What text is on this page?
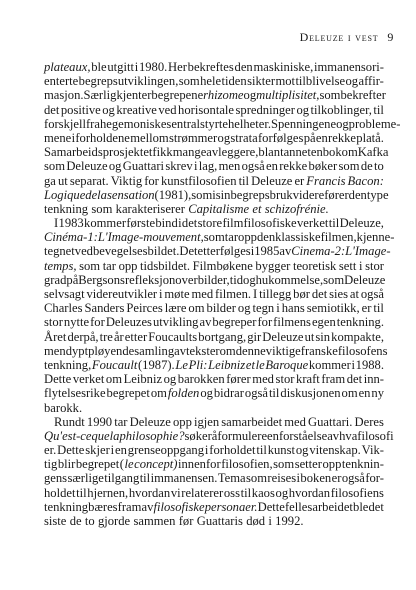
Deleuze i vest 9
plateaux, ble utgitt i 1980. Her bekreftes den maskiniske, immanensori-
enterte begrepsutviklingen, som hele tiden sikter mot tilblivelse og affir-
masjon. Særlig kjent er begrepene rhizome og multiplisitet, som bekrefter
det positive og kreative ved horisontale spredninger og tilkoblinger, til
forskjell fra hegemoniske sentralstyrte helheter. Spenningene og probleme-
mene i forholdene mellom strømmer og strata forfølges på en rekke platå.
Samarbeidsprosjektet fikk mange avleggere, blant annet en bok om Kafka
som Deleuze og Guattari skrev i lag, men også en rekke bøker som de to
ga ut separat. Viktig for kunstfilosofien til Deleuze er Francis Bacon:
Logique de la sensation (1981), som i sin begrepsbruk viderefører den type
tenkning som karakteriserer Capitalisme et schizofrénie.
I 1983 kommer første bind i det store filmfilosofiske verket til Deleuze,
Cinéma-1: L'Image-mouvement, som tar opp den klassiske filmen, kjenne-
tegnet ved bevegelsesbildet. Det etterfølges i 1985 av Cinema-2: L'Image-
temps, som tar opp tidsbildet. Filmbøkene bygger teoretisk sett i stor
grad på Bergsons refleksjon over bilder, tid og hukommelse, som Deleuze
selvsagt videreutvikler i møte med filmen. I tillegg bør det sies at også
Charles Sanders Peirces lære om bilder og tegn i hans semiotikk, er til
stor nytte for Deleuzes utvikling av begreper for filmens egen tenkning.
Året derpå, tre år etter Foucaults bortgang, gir Deleuze ut sin kompakte,
men dyptpløyende samling av tekster om denne viktige franske filosofens
tenkning, Foucault (1987). Le Pli: Leibniz et le Baroque kommer i 1988.
Dette verket om Leibniz og barokken fører med stor kraft fram det inn-
flytelsesrike begrepet om folden og bidrar også til diskusjonen om en ny
barokk.
Rundt 1990 tar Deleuze opp igjen samarbeidet med Guattari. Deres
Qu'est-ce que la philosophie? søker å formulere en forståelse av hva filosofi
er. Dette skjer i en grenseoppgang i forholdet til kunst og vitenskap. Vik-
tig blir begrepet ( le concept) innenfor filosofien, som setter opp tenknin-
gens særlige tilgang til immanensen. Tema som reises i boken er også for-
holdet til hjernen, hvordan vi relaterer oss til kaos og hvordan filosofiens
tenkning bæres fram av filosofiske personaer. Dette felles arbeidet ble det
siste de to gjorde sammen før Guattaris død i 1992.
